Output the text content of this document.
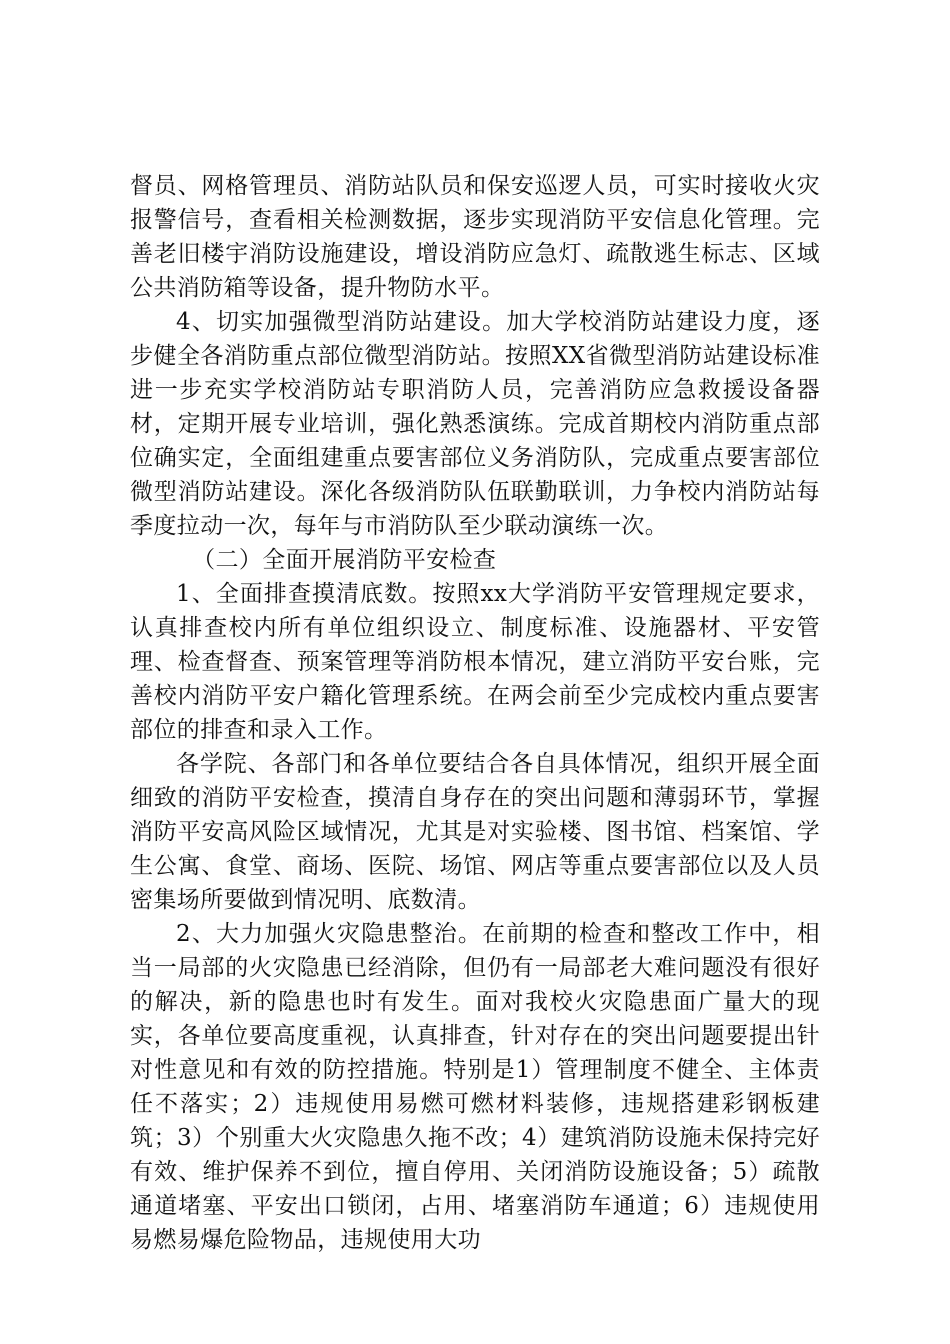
督员、网格管理员、消防站队员和保安巡逻人员，可实时接收火灾报警信号，查看相关检测数据，逐步实现消防平安信息化管理。完善老旧楼宇消防设施建设，增设消防应急灯、疏散逃生标志、区域公共消防箱等设备，提升物防水平。

4、切实加强微型消防站建设。加大学校消防站建设力度，逐步健全各消防重点部位微型消防站。按照XX省微型消防站建设标准进一步充实学校消防站专职消防人员，完善消防应急救援设备器材，定期开展专业培训，强化熟悉演练。完成首期校内消防重点部位确实定，全面组建重点要害部位义务消防队，完成重点要害部位微型消防站建设。深化各级消防队伍联勤联训，力争校内消防站每季度拉动一次，每年与市消防队至少联动演练一次。

（二）全面开展消防平安检查

1、全面排查摸清底数。按照xx大学消防平安管理规定要求，认真排查校内所有单位组织设立、制度标准、设施器材、平安管理、检查督查、预案管理等消防根本情况，建立消防平安台账，完善校内消防平安户籍化管理系统。在两会前至少完成校内重点要害部位的排查和录入工作。

各学院、各部门和各单位要结合各自具体情况，组织开展全面细致的消防平安检查，摸清自身存在的突出问题和薄弱环节，掌握消防平安高风险区域情况，尤其是对实验楼、图书馆、档案馆、学生公寓、食堂、商场、医院、场馆、网店等重点要害部位以及人员密集场所要做到情况明、底数清。

2、大力加强火灾隐患整治。在前期的检查和整改工作中，相当一局部的火灾隐患已经消除，但仍有一局部老大难问题没有很好的解决，新的隐患也时有发生。面对我校火灾隐患面广量大的现实，各单位要高度重视，认真排查，针对存在的突出问题要提出针对性意见和有效的防控措施。特别是1）管理制度不健全、主体责任不落实；2）违规使用易燃可燃材料装修，违规搭建彩钢板建筑；3）个别重大火灾隐患久拖不改；4）建筑消防设施未保持完好有效、维护保养不到位，擅自停用、关闭消防设施设备；5）疏散通道堵塞、平安出口锁闭，占用、堵塞消防车通道；6）违规使用易燃易爆危险物品，违规使用大功
